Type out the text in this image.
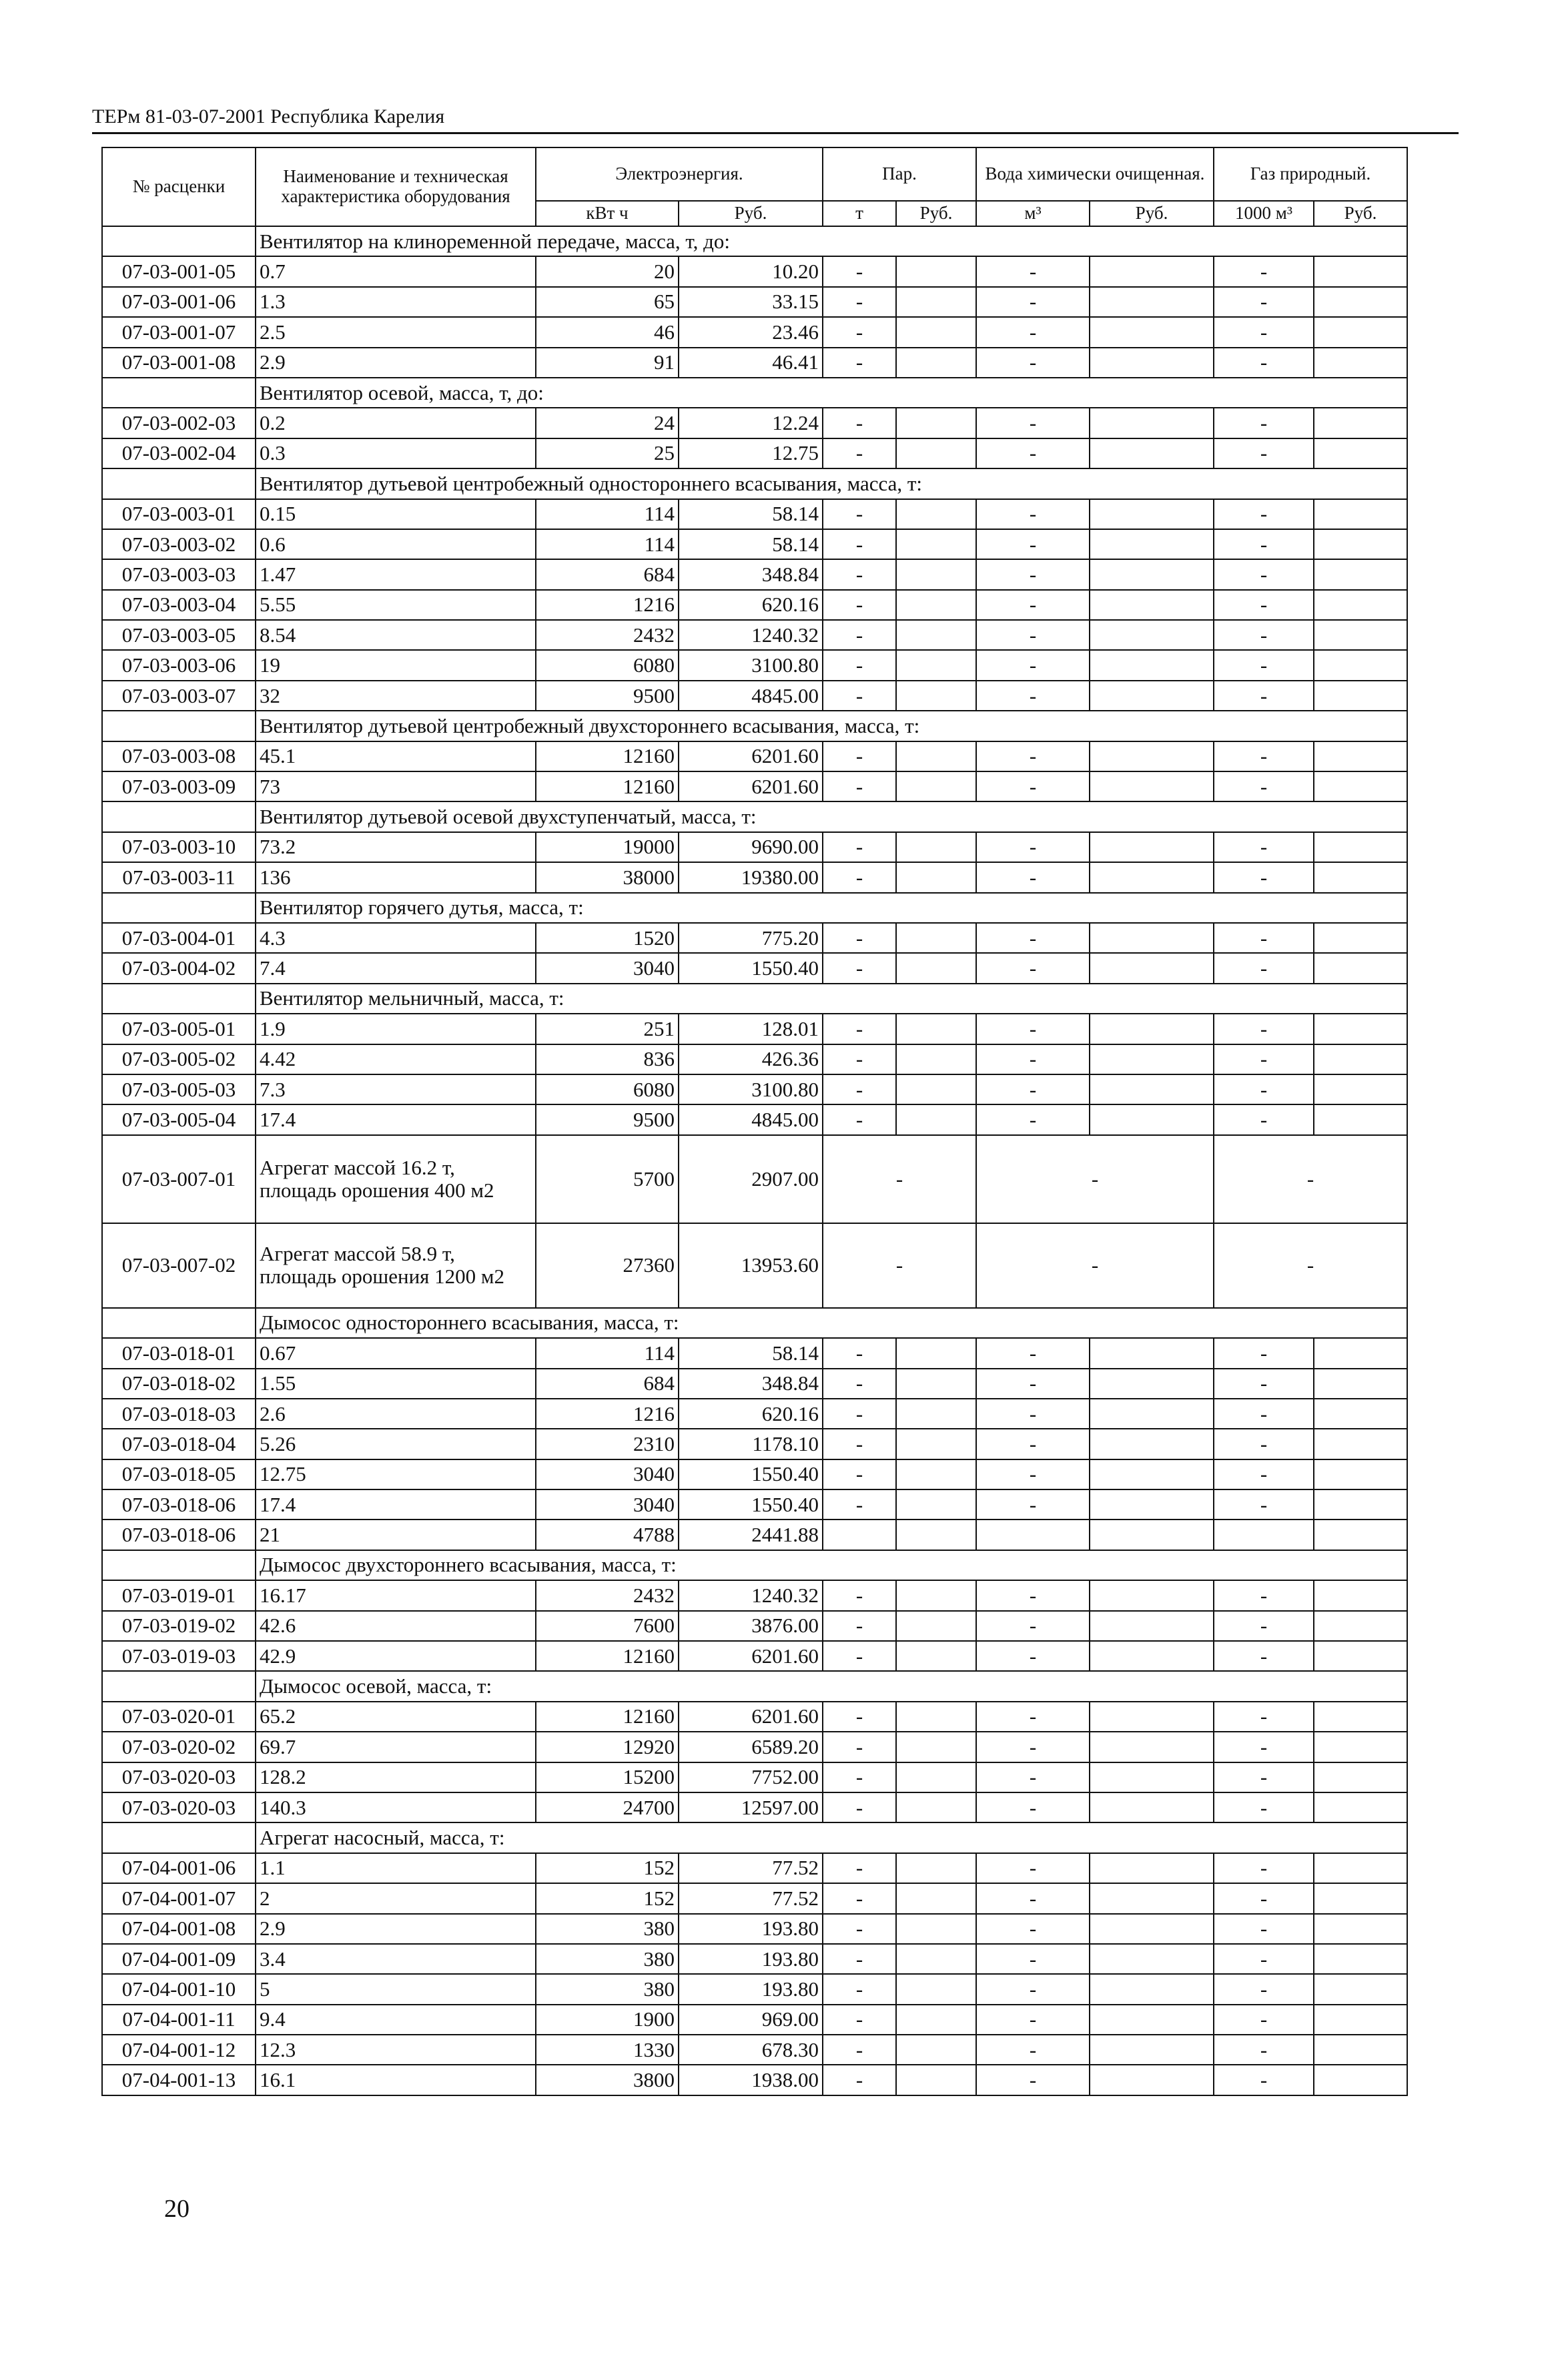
ТЕРм 81-03-07-2001 Республика Карелия
№ расценки	Наименование и техническая характеристика оборудования	Электроэнергия.		Пар.		Вода химически очищенная.		Газ природный.	
		кВт ч	Руб.	т	Руб.	м³	Руб.	1000 м³	Руб.
	Вентилятор на клиноременной передаче, масса, т, до:								
07-03-001-05	0.7	20	10.20	-		-		-	
07-03-001-06	1.3	65	33.15	-		-		-	
07-03-001-07	2.5	46	23.46	-		-		-	
07-03-001-08	2.9	91	46.41	-		-		-	
	Вентилятор осевой, масса, т, до:								
07-03-002-03	0.2	24	12.24	-		-		-	
07-03-002-04	0.3	25	12.75	-		-		-	
	Вентилятор дутьевой центробежный одностороннего всасывания, масса, т:								
07-03-003-01	0.15	114	58.14	-		-		-	
07-03-003-02	0.6	114	58.14	-		-		-	
07-03-003-03	1.47	684	348.84	-		-		-	
07-03-003-04	5.55	1216	620.16	-		-		-	
07-03-003-05	8.54	2432	1240.32	-		-		-	
07-03-003-06	19	6080	3100.80	-		-		-	
07-03-003-07	32	9500	4845.00	-		-		-	
	Вентилятор дутьевой центробежный двухстороннего всасывания, масса, т:								
07-03-003-08	45.1	12160	6201.60	-		-		-	
07-03-003-09	73	12160	6201.60	-		-		-	
	Вентилятор дутьевой осевой двухступенчатый, масса, т:								
07-03-003-10	73.2	19000	9690.00	-		-		-	
07-03-003-11	136	38000	19380.00	-		-		-	
	Вентилятор горячего дутья, масса, т:								
07-03-004-01	4.3	1520	775.20	-		-		-	
07-03-004-02	7.4	3040	1550.40	-		-		-	
	Вентилятор мельничный, масса, т:								
07-03-005-01	1.9	251	128.01	-		-		-	
07-03-005-02	4.42	836	426.36	-		-		-	
07-03-005-03	7.3	6080	3100.80	-		-		-	
07-03-005-04	17.4	9500	4845.00	-		-		-	
07-03-007-01	Агрегат массой 16.2 т, площадь орошения 400 м2	5700	2907.00	-		-		-	
07-03-007-02	Агрегат массой 58.9 т, площадь орошения 1200 м2	27360	13953.60	-		-		-	
	Дымосос одностороннего всасывания, масса, т:								
07-03-018-01	0.67	114	58.14	-		-		-	
07-03-018-02	1.55	684	348.84	-		-		-	
07-03-018-03	2.6	1216	620.16	-		-		-	
07-03-018-04	5.26	2310	1178.10	-		-		-	
07-03-018-05	12.75	3040	1550.40	-		-		-	
07-03-018-06	17.4	3040	1550.40	-		-		-	
07-03-018-06	21	4788	2441.88						
	Дымосос двухстороннего всасывания, масса, т:								
07-03-019-01	16.17	2432	1240.32	-		-		-	
07-03-019-02	42.6	7600	3876.00	-		-		-	
07-03-019-03	42.9	12160	6201.60	-		-		-	
	Дымосос осевой, масса, т:								
07-03-020-01	65.2	12160	6201.60	-		-		-	
07-03-020-02	69.7	12920	6589.20	-		-		-	
07-03-020-03	128.2	15200	7752.00	-		-		-	
07-03-020-03	140.3	24700	12597.00	-		-		-	
	Агрегат насосный, масса, т:								
07-04-001-06	1.1	152	77.52	-		-		-	
07-04-001-07	2	152	77.52	-		-		-	
07-04-001-08	2.9	380	193.80	-		-		-	
07-04-001-09	3.4	380	193.80	-		-		-	
07-04-001-10	5	380	193.80	-		-		-	
07-04-001-11	9.4	1900	969.00	-		-		-	
07-04-001-12	12.3	1330	678.30	-		-		-	
07-04-001-13	16.1	3800	1938.00	-		-		-	
20
